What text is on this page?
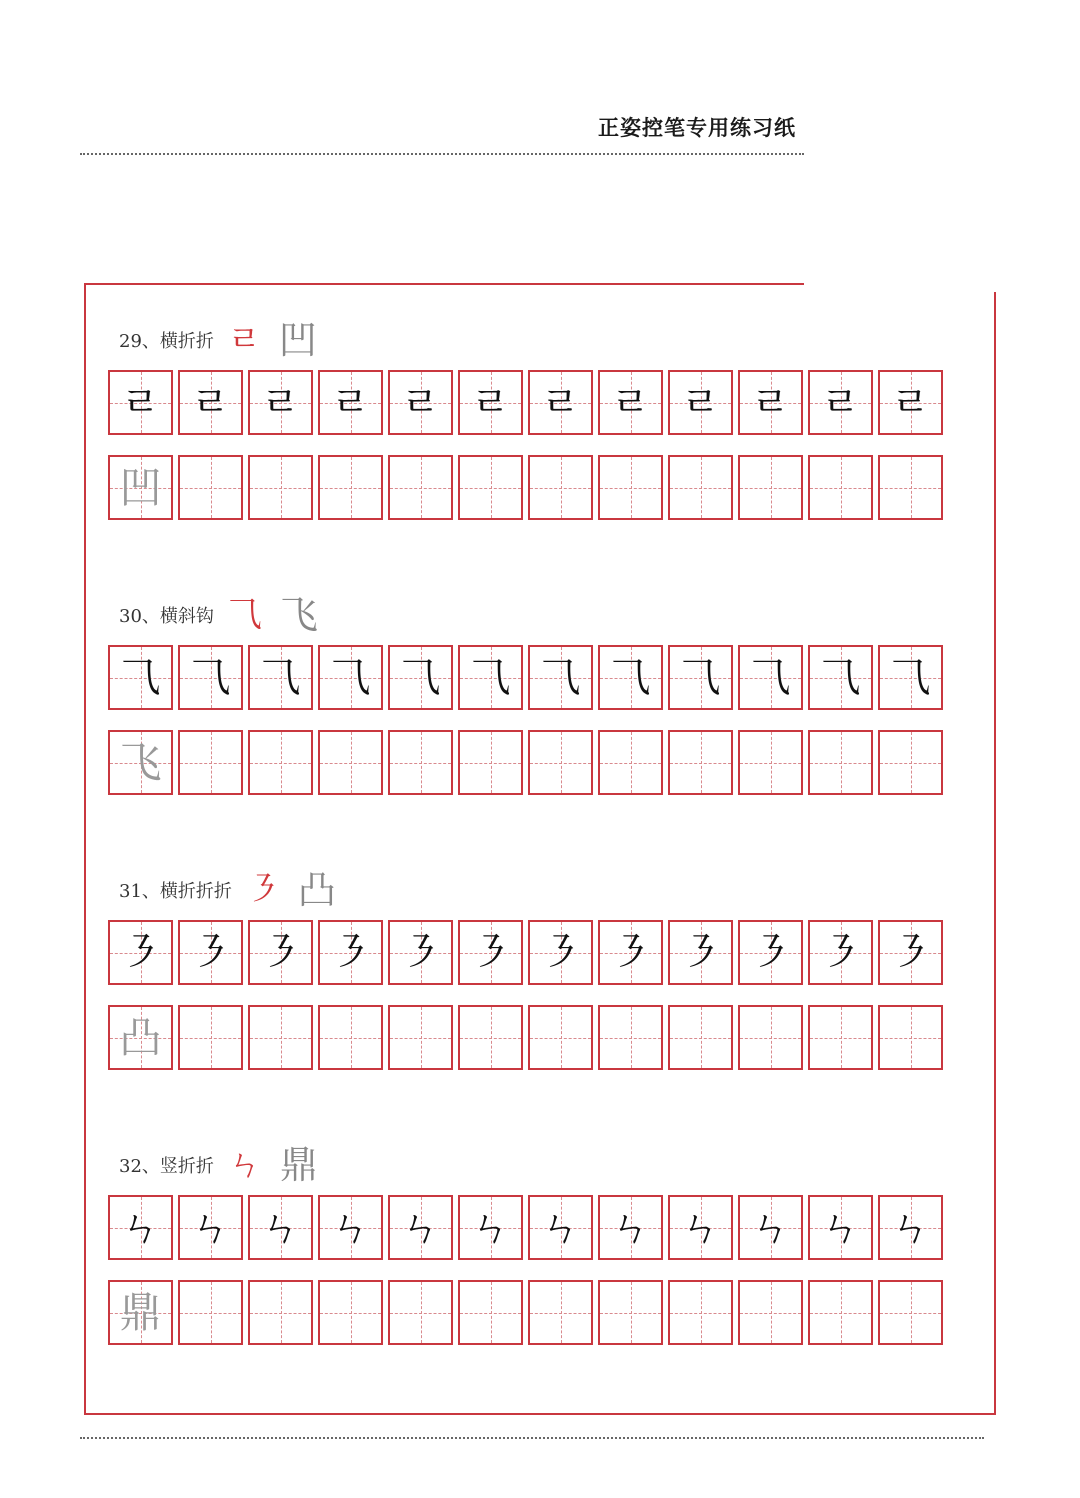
正姿控笔专用练习纸
29、横折折 ㄹ 凹
ㄹ ㄹ ㄹ ㄹ ㄹ ㄹ ㄹ ㄹ ㄹ ㄹ ㄹ ㄹ
凹
30、横斜钩 ⺄ 飞
⺄ ⺄ ⺄ ⺄ ⺄ ⺄ ⺄ ⺄ ⺄ ⺄ ⺄ ⺄
飞
31、横折折折 ㇋ 凸
㇋ ㇋ ㇋ ㇋ ㇋ ㇋ ㇋ ㇋ ㇋ ㇋ ㇋ ㇋
凸
32、竖折折 ㄣ 鼎
ㄣ ㄣ ㄣ ㄣ ㄣ ㄣ ㄣ ㄣ ㄣ ㄣ ㄣ ㄣ
鼎
